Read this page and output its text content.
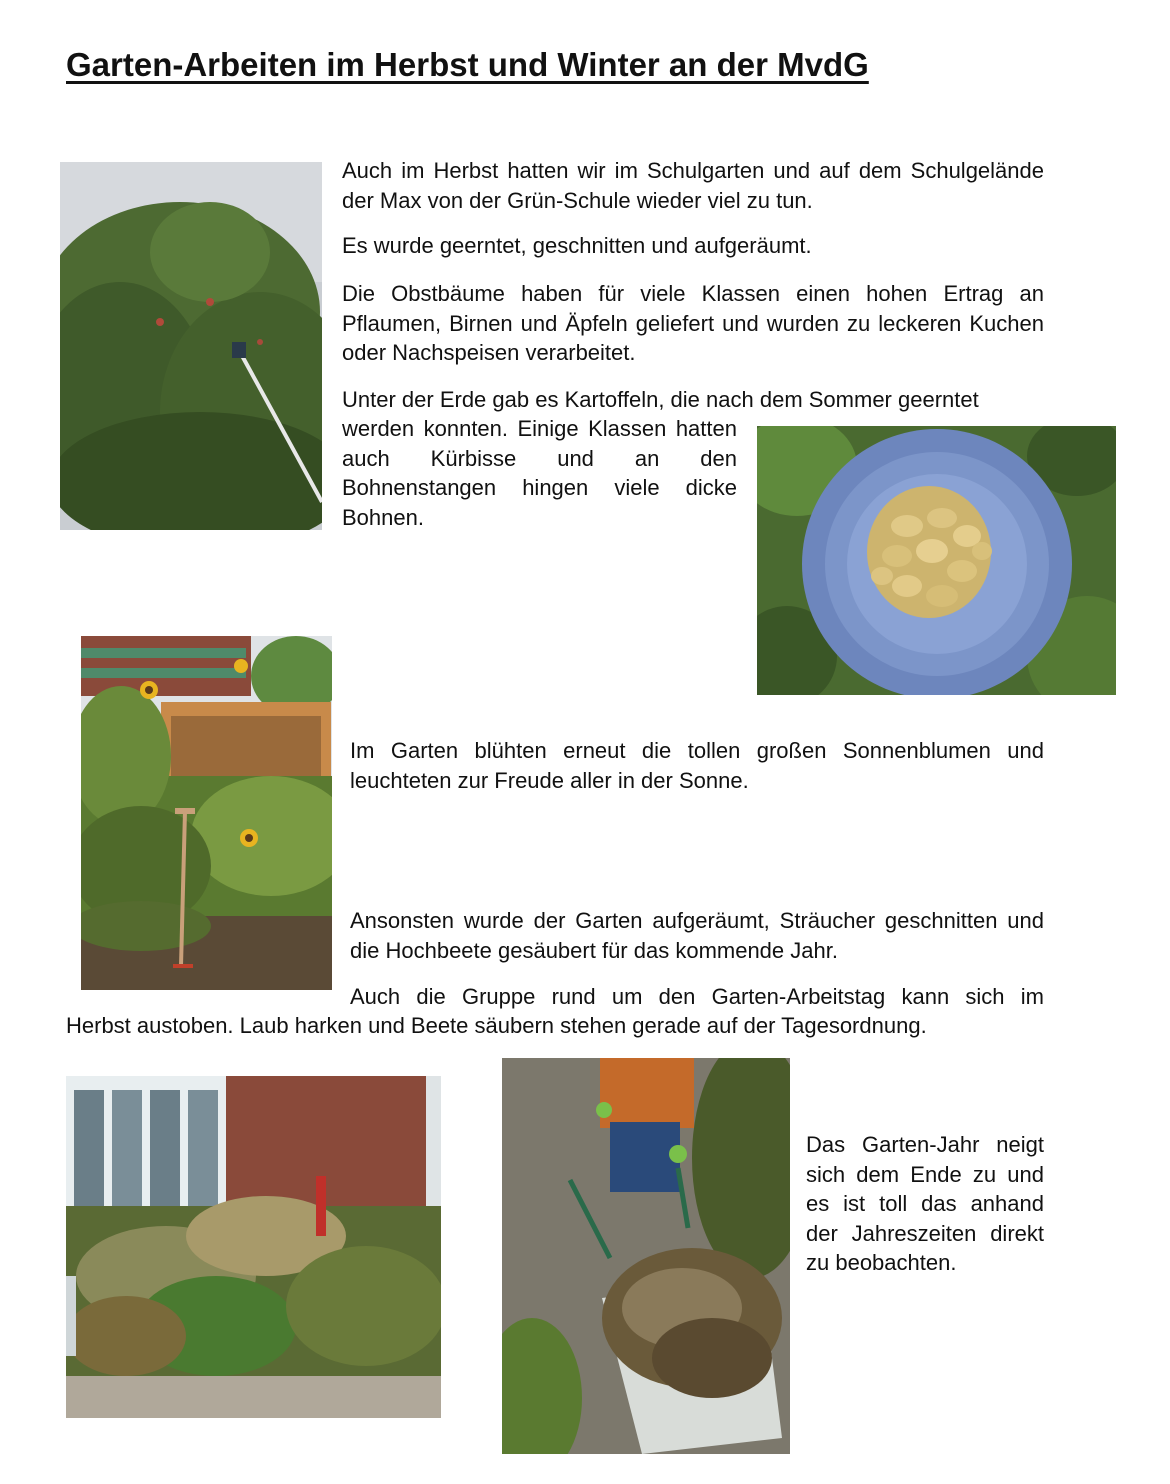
Garten-Arbeiten im Herbst und Winter an der MvdG

Auch im Herbst hatten wir im Schulgarten und auf dem Schulgelände der Max von der Grün-Schule wieder viel zu tun.

Es wurde geerntet, geschnitten und aufgeräumt.

Die Obstbäume haben für viele Klassen einen hohen Ertrag an Pflaumen, Birnen und Äpfeln geliefert und wurden zu leckeren Kuchen oder Nachspeisen verarbeitet.

Unter der Erde gab es Kartoffeln, die nach dem Sommer geerntet

werden konnten. Einige Klassen hatten auch Kürbisse und an den Bohnenstangen hingen viele dicke Bohnen.

Im Garten blühten erneut die tollen großen Sonnenblumen und leuchteten zur Freude aller in der Sonne.

Ansonsten wurde der Garten aufgeräumt, Sträucher geschnitten und die Hochbeete gesäubert für das kommende Jahr.

Auch die Gruppe rund um den Garten-Arbeitstag kann sich im

Herbst austoben. Laub harken und Beete säubern stehen gerade auf der Tagesordnung.

Das Garten-Jahr neigt sich dem Ende zu und es ist toll das anhand der Jahreszeiten direkt zu beobachten.
